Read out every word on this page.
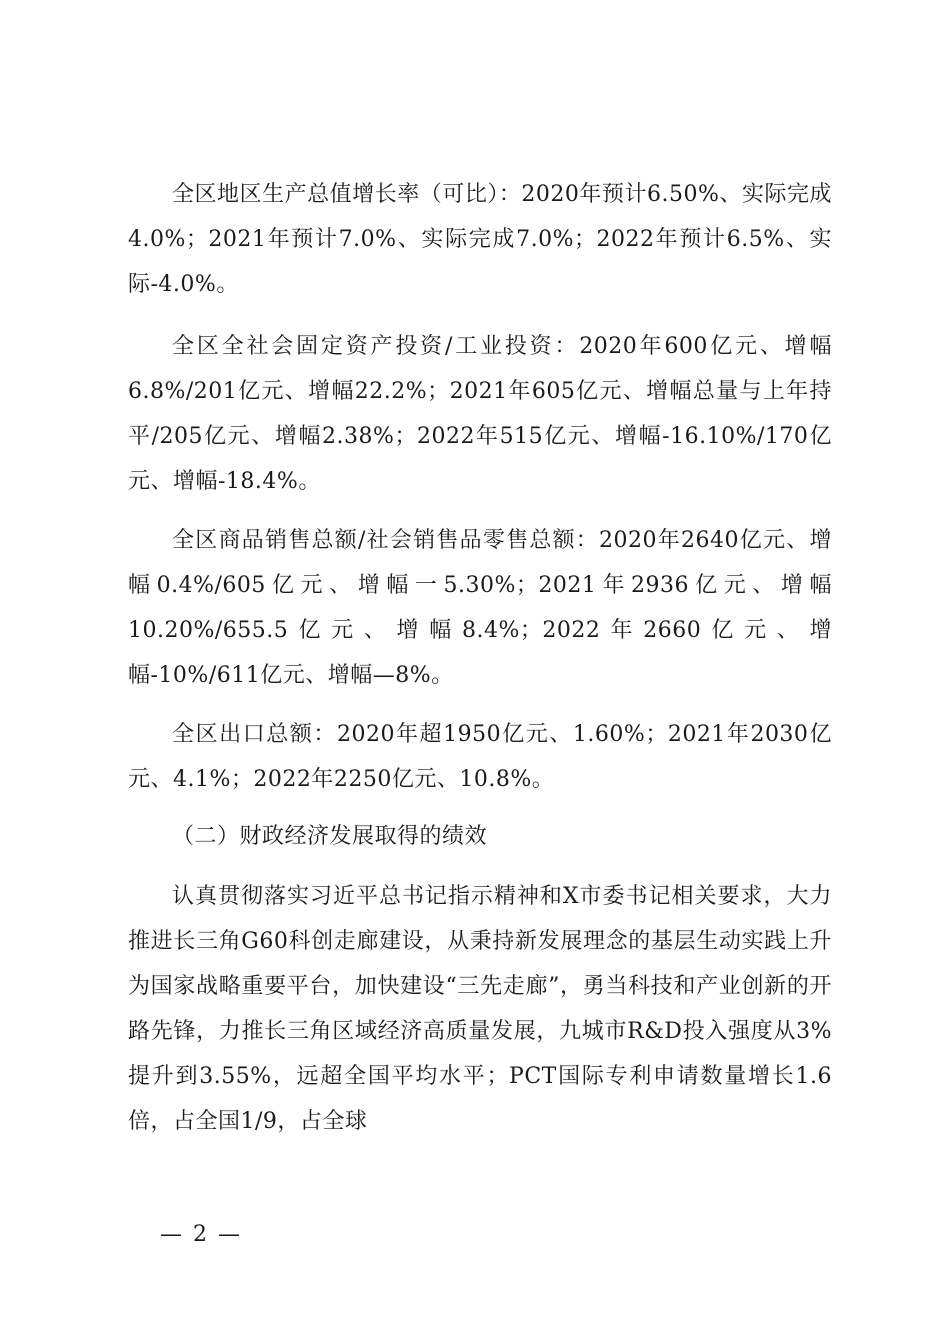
全区地区生产总值增长率（可比）：2020年预计6.50%、实际完成4.0%；2021年预计7.0%、实际完成7.0%；2022年预计6.5%、实际-4.0%。

全区全社会固定资产投资/工业投资：2020年600亿元、增幅6.8%/201亿元、增幅22.2%；2021年605亿元、增幅总量与上年持平/205亿元、增幅2.38%；2022年515亿元、增幅-16.10%/170亿元、增幅-18.4%。

全区商品销售总额/社会销售品零售总额：2020年2640亿元、增幅0.4%/605亿元、增幅一5.30%；2021年2936亿元、增幅10.20%/655.5亿元、增幅8.4%；2022年2660亿元、增幅-10%/611亿元、增幅—8%。

全区出口总额：2020年超1950亿元、1.60%；2021年2030亿元、4.1%；2022年2250亿元、10.8%。

（二）财政经济发展取得的绩效

认真贯彻落实习近平总书记指示精神和X市委书记相关要求，大力推进长三角G60科创走廊建设，从秉持新发展理念的基层生动实践上升为国家战略重要平台，加快建设“三先走廊”，勇当科技和产业创新的开路先锋，力推长三角区域经济高质量发展，九城市R&D投入强度从3%提升到3.55%，远超全国平均水平；PCT国际专利申请数量增长1.6倍，占全国1/9，占全球

— 2 —
